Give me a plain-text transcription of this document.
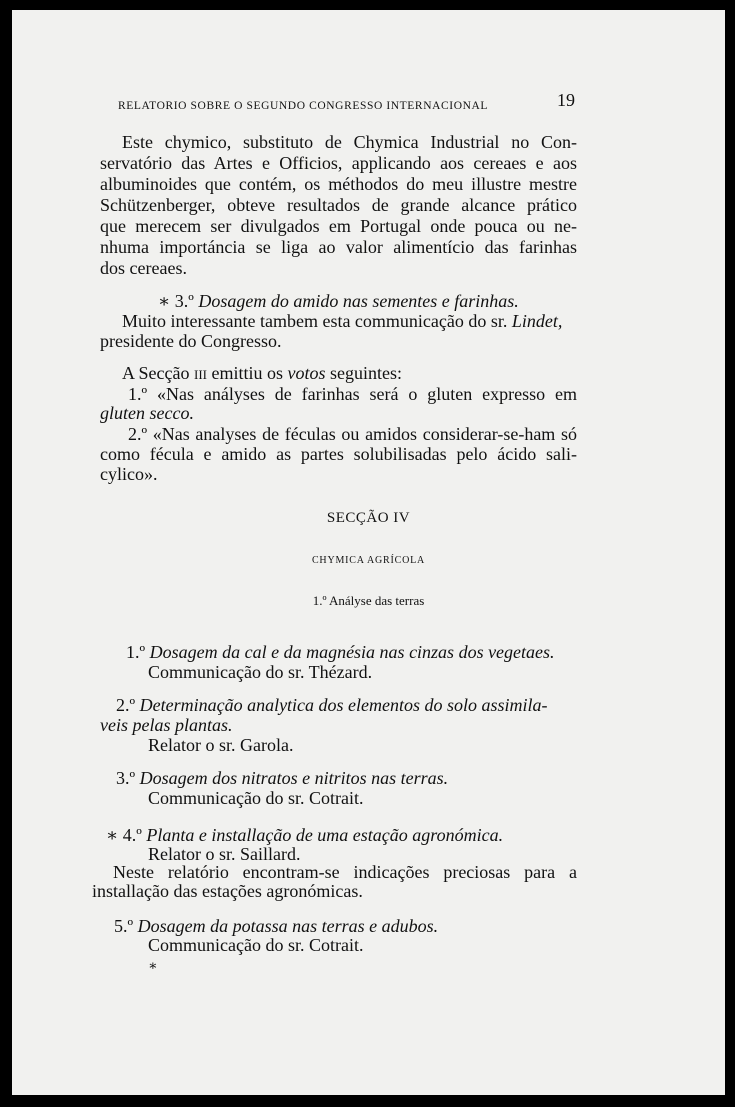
RELATORIO SOBRE O SEGUNDO CONGRESSO INTERNACIONAL	19
Este chymico, substituto de Chymica Industrial no Con-
servatório das Artes e Officios, applicando aos cereaes e aos
albuminoides que contém, os méthodos do meu illustre mestre
Schützenberger, obteve resultados de grande alcance prático
que merecem ser divulgados em Portugal onde pouca ou ne-
nhuma importáncia se liga ao valor alimentício das farinhas
dos cereaes.
∗ 3.º Dosagem do amido nas sementes e farinhas.
Muito interessante tambem esta communicação do sr. Lindet,
presidente do Congresso.
A Secção III emittiu os votos seguintes:
1.º «Nas anályses de farinhas será o gluten expresso em
gluten secco.
2.º «Nas analyses de féculas ou amidos considerar-se-ham só
como fécula e amido as partes solubilisadas pelo ácido sali-
cylico».
SECÇÃO IV
CHYMICA AGRÍCOLA
1.º Anályse das terras
1.º Dosagem da cal e da magnésia nas cinzas dos vegetaes.
Communicação do sr. Thézard.
2.º Determinação analytica dos elementos do solo assimila-
veis pelas plantas.
Relator o sr. Garola.
3.º Dosagem dos nitratos e nitritos nas terras.
Communicação do sr. Cotrait.
∗ 4.º Planta e installação de uma estação agronómica.
Relator o sr. Saillard.
Neste relatório encontram-se indicações preciosas para a
installação das estações agronómicas.
5.º Dosagem da potassa nas terras e adubos.
Communicação do sr. Cotrait.
∗
